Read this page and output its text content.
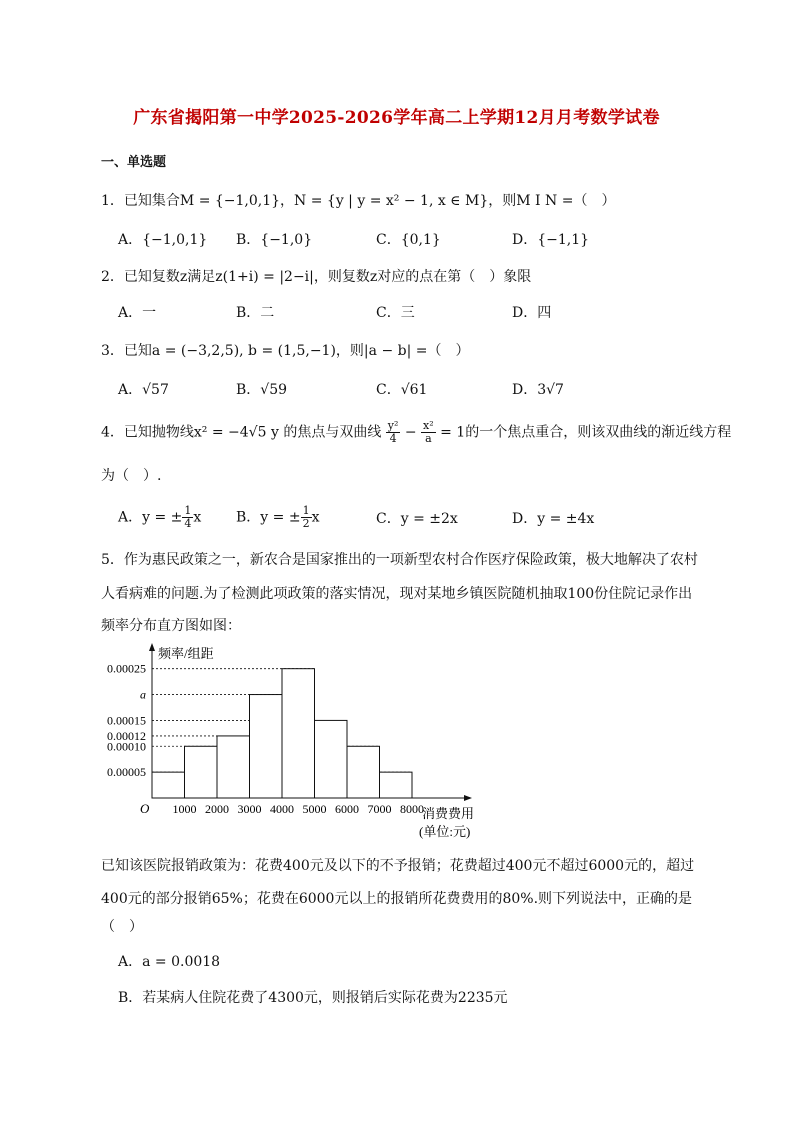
广东省揭阳第一中学2025-2026学年高二上学期12月月考数学试卷
一、单选题
1．已知集合M = {−1,0,1}，N = {y | y = x² − 1, x ∈ M}，则M I N =（　）
A．{−1,0,1} B．{−1,0}	C．{0,1}	D．{−1,1}
2．已知复数z满足z(1+i) = |2−i|，则复数z对应的点在第（　）象限
A．一	B．二	C．三	D．四
3．已知a = (−3,2,5), b = (1,5,−1)，则|a − b| =（　）
A．√57	B．√59	C．√61	D．3√7
4．已知抛物线x² = −4√5 y 的焦点与双曲线 $\frac{\text{y²}}{4} - \frac{\text{x²}}{a} = 1$的一个焦点重合，则该双曲线的渐近线方程
为（　）.
A．y = ± $\frac{1}{4}$ x B．y = ± $\frac{1}{2}$ x	C．y = ±2x	D．y = ±4x
5．作为惠民政策之一，新农合是国家推出的一项新型农村合作医疗保险政策，极大地解决了农村
人看病难的问题.为了检测此项政策的落实情况，现对某地乡镇医院随机抽取100份住院记录作出
频率分布直方图如图：
0.00005
0.00010
0.00012
0.00015
a
0.00025
1000 2000 3000 4000 5000 6000 7000 8000
O
频率/组距
消费费用
(单位:元)
已知该医院报销政策为：花费400元及以下的不予报销；花费超过400元不超过6000元的，超过
400元的部分报销65%；花费在6000元以上的报销所花费费用的80%.则下列说法中，正确的是
（　）
A．a = 0.0018
B．若某病人住院花费了4300元，则报销后实际花费为2235元
